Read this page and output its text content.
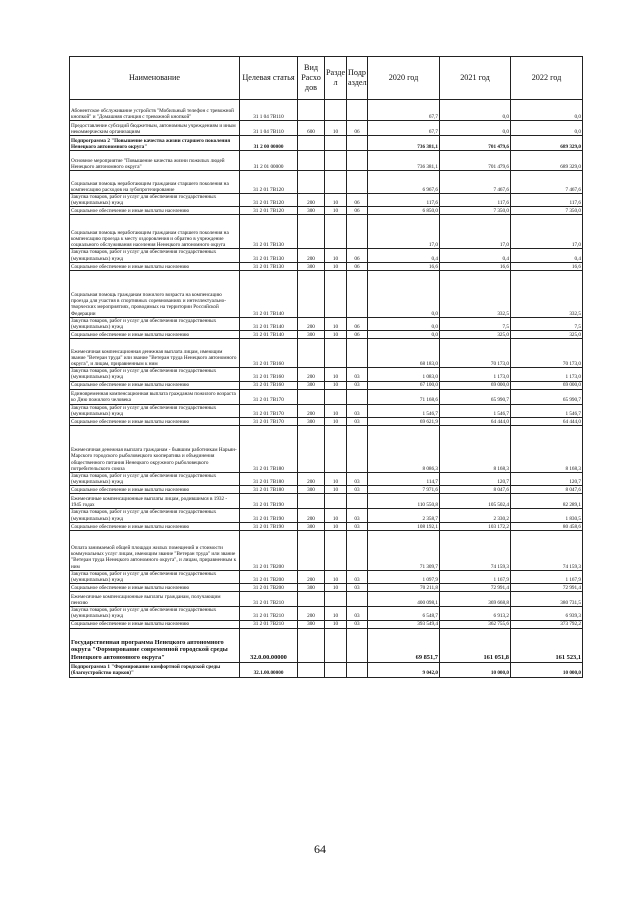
Наименование	Целевая статья	Вид Расхо дов	Разде л	Подр аздел	2020 год	2021 год	2022 год
Абонентское обслуживание устройств "Мобильный телефон с тревожной кнопкой" и "Домашняя станция с тревожной кнопкой"	31 1 04 7В110				67,7	0,0	0,0
Предоставление субсидий бюджетным, автономным учреждениям и иным некоммерческим организациям	31 1 04 7В110	600	10	06	67,7	0,0	0,0
Подпрограмма 2 "Повышение качества жизни старшего поколения Ненецкого автономного округа"	31 2 00 00000				736 381,1	701 479,6	689 329,0
Основное мероприятие "Повышение качества жизни пожилых людей Ненецкого автономного округа"	31 2 01 00000				736 381,1	701 479,6	689 329,0
Социальная помощь неработающим гражданам старшего поколения на компенсацию расходов на зубопротезирование	31 2 01 7В120				6 967,6	7 467,6	7 467,6
Закупка товаров, работ и услуг для обеспечения государственных (муниципальных) нужд	31 2 01 7В120	200	10	06	117,6	117,6	117,6
Социальное обеспечение и иные выплаты населению	31 2 01 7В120	300	10	06	6 850,0	7 350,0	7 350,0
Социальная помощь неработающим гражданам старшего поколения на компенсацию проезда к месту оздоровления и обратно в учреждение социального обслуживания населения Ненецкого автономного округа	31 2 01 7В130				17,0	17,0	17,0
Закупка товаров, работ и услуг для обеспечения государственных (муниципальных) нужд	31 2 01 7В130	200	10	06	0,4	0,4	0,4
Социальное обеспечение и иные выплаты населению	31 2 01 7В130	300	10	06	16,6	16,6	16,6
Социальная помощь гражданам пожилого возраста на компенсацию проезда для участия в спортивных соревнованиях и интеллектуально-творческих мероприятиях, проводимых на территории Российской Федерации	31 2 01 7В140				0,0	332,5	332,5
Закупка товаров, работ и услуг для обеспечения государственных (муниципальных) нужд	31 2 01 7В140	200	10	06	0,0	7,5	7,5
Социальное обеспечение и иные выплаты населению	31 2 01 7В140	300	10	06	0,0	325,0	325,0
Ежемесячная компенсационная денежная выплата лицам, имеющим звание "Ветеран труда" или звание "Ветеран труда Ненецкого автономного округа", и лицам, приравненным к ним	31 2 01 7В160				68 183,0	70 173,0	70 173,0
Закупка товаров, работ и услуг для обеспечения государственных (муниципальных) нужд	31 2 01 7В160	200	10	03	1 083,0	1 173,0	1 173,0
Социальное обеспечение и иные выплаты населению	31 2 01 7В160	300	10	03	67 100,0	69 000,0	69 000,0
Единовременная компенсационная выплата гражданам пожилого возраста ко Дню пожилого человека	31 2 01 7В170				71 168,6	65 990,7	65 990,7
Закупка товаров, работ и услуг для обеспечения государственных (муниципальных) нужд	31 2 01 7В170	200	10	03	1 546,7	1 546,7	1 546,7
Социальное обеспечение и иные выплаты населению	31 2 01 7В170	300	10	03	69 621,9	64 444,0	64 444,0
Ежемесячная денежная выплата гражданам - бывшим работникам Нарьян-Марского городского рыболовецкого кооператива и объединения общественного питания Ненецкого окружного рыболовецкого потребительского союза	31 2 01 7В180				8 086,3	8 168,3	8 168,3
Закупка товаров, работ и услуг для обеспечения государственных (муниципальных) нужд	31 2 01 7В180	200	10	03	114,7	120,7	120,7
Социальное обеспечение и иные выплаты населению	31 2 01 7В180	300	10	03	7 971,6	8 047,6	8 047,6
Ежемесячные компенсационные выплаты лицам, родившимся в 1932 - 1945 годах	31 2 01 7В190				110 550,8	105 502,4	82 289,1
Закупка товаров, работ и услуг для обеспечения государственных (муниципальных) нужд	31 2 01 7В190	200	10	03	2 358,7	2 330,2	1 830,5
Социальное обеспечение и иные выплаты населению	31 2 01 7В190	300	10	03	108 192,1	103 172,2	80 458,6
Оплата занимаемой общей площади жилых помещений и стоимости коммунальных услуг лицам, имеющим звание "Ветеран труда" или звание "Ветеран труда Ненецкого автономного округа", и лицам, приравненным к ним	31 2 01 7В200				71 309,7	74 159,3	74 159,3
Закупка товаров, работ и услуг для обеспечения государственных (муниципальных) нужд	31 2 01 7В200	200	10	03	1 097,9	1 167,9	1 167,9
Социальное обеспечение и иные выплаты населению	31 2 01 7В200	300	10	03	70 211,8	72 991,4	72 991,4
Ежемесячные компенсационные выплаты гражданам, получающим пенсию	31 2 01 7В210				400 098,1	369 668,8	380 731,5
Закупка товаров, работ и услуг для обеспечения государственных (муниципальных) нужд	31 2 01 7В210	200	10	03	6 548,7	6 913,2	6 939,3
Социальное обеспечение и иные выплаты населению	31 2 01 7В210	300	10	03	393 549,4	362 755,6	373 792,2
Государственная программа Ненецкого автономного округа "Формирование современной городской среды Ненецкого автономного округа"	32.0.00.00000				69 851,7	161 051,8	161 523,1
Подпрограмма 1 "Формирование комфортной городской среды (благоустройство парков)"	32.1.00.00000				9 042,0	10 000,0	10 000,0
64
